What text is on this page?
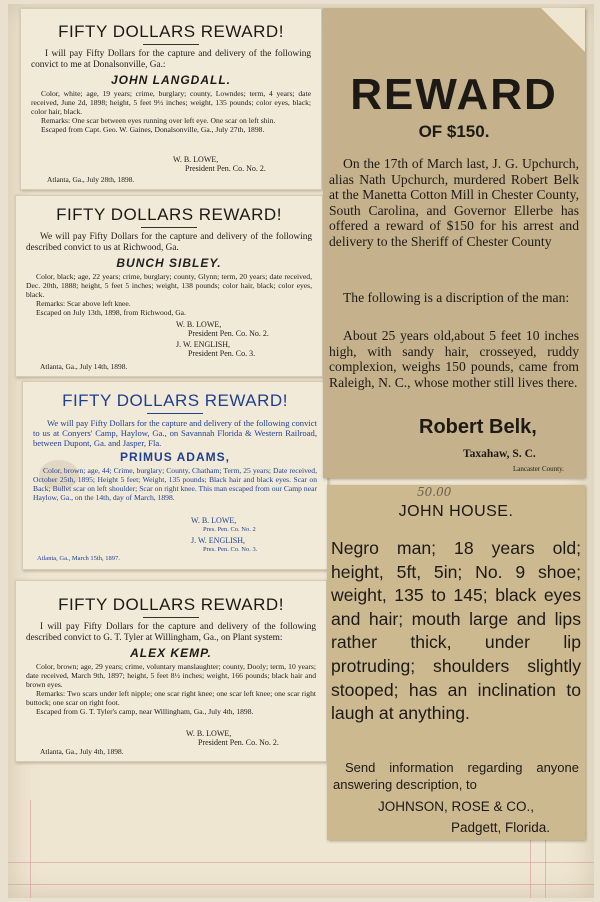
FIFTY DOLLARS REWARD!
I will pay Fifty Dollars for the capture and delivery of the following convict to me at Donalsonville, Ga.:
JOHN LANGDALL.

Color, white; age, 19 years; crime, burglary; county, Lowndes; term, 4 years; date received, June 2d, 1898; height, 5 feet 9½ inches; weight, 135 pounds; color eyes, black; color hair, black.

Remarks: One scar between eyes running over left eye. One scar on left shin.

Escaped from Capt. Geo. W. Gaines, Donalsonville, Ga., July 27th, 1898.

W. B. LOWE,
President Pen. Co. No. 2.
Atlanta, Ga., July 28th, 1898.
FIFTY DOLLARS REWARD!
We will pay Fifty Dollars for the capture and delivery of the following described convict to us at Richwood, Ga.
BUNCH SIBLEY.

Color, black; age, 22 years; crime, burglary; county, Glynn; term, 20 years; date received, Dec. 20th, 1888; height, 5 feet 5 inches; weight, 138 pounds; color hair, black; color eyes, black.

Remarks: Scar above left knee.

Escaped on July 13th, 1898, from Richwood, Ga.

W. B. LOWE,
President Pen. Co. No. 2.
J. W. ENGLISH,
President Pen. Co. 3.
Atlanta, Ga., July 14th, 1898.
FIFTY DOLLARS REWARD!
We will pay Fifty Dollars for the capture and delivery of the following convict to us at Conyers' Camp, Haylow, Ga., on Savannah Florida & Western Railroad, between Dupont, Ga. and Jasper, Fla.
PRIMUS ADAMS,

Color, brown; age, 44; Crime, burglary; County, Chatham; Term, 25 years; Date received, October 25th, 1895; Height 5 feet; Weight, 135 pounds; Black hair and black eyes. Scar on Back; Bullet scar on left shoulder; Scar on right knee. This man escaped from our Camp near Haylow, Ga., on the 14th, day of March, 1898.

W. B. LOWE,
Pres. Pen. Co. No. 2
J. W. ENGLISH,
Pres. Pen. Co. No. 3.
Atlanta, Ga., March 15th, 1897.
FIFTY DOLLARS REWARD!
I will pay Fifty Dollars for the capture and delivery of the following described convict to G. T. Tyler at Willingham, Ga., on Plant system:
ALEX KEMP.

Color, brown; age, 29 years; crime, voluntary manslaughter; county, Dooly; term, 10 years; date received, March 9th, 1897; height, 5 feet 8½ inches; weight, 166 pounds; black hair and brown eyes.

Remarks: Two scars under left nipple; one scar right knee; one scar left knee; one scar right buttock; one scar on right foot.

Escaped from G. T. Tyler's camp, near Willingham, Ga., July 4th, 1898.

W. B. LOWE,
President Pen. Co. No. 2.
Atlanta, Ga., July 4th, 1898.
REWARD
OF $150.
On the 17th of March last, J. G. Upchurch, alias Nath Upchurch, murdered Robert Belk at the Manetta Cotton Mill in Chester County, South Carolina, and Governor Ellerbe has offered a reward of $150 for his arrest and delivery to the Sheriff of Chester County
The following is a discription of the man:
About 25 years old,about 5 feet 10 inches high, with sandy hair, crosseyed, ruddy complexion, weighs 150 pounds, came from Raleigh, N. C., whose mother still lives there.
Robert Belk,
Taxahaw, S. C.
Lancaster County.
50.00
JOHN HOUSE.
Negro man; 18 years old; height, 5ft, 5in; No. 9 shoe; weight, 135 to 145; black eyes and hair; mouth large and lips rather thick, under lip protruding; shoulders slightly stooped; has an inclination to laugh at anything.
Send information regarding anyone answering description, to
JOHNSON, ROSE & CO.,
Padgett, Florida.
